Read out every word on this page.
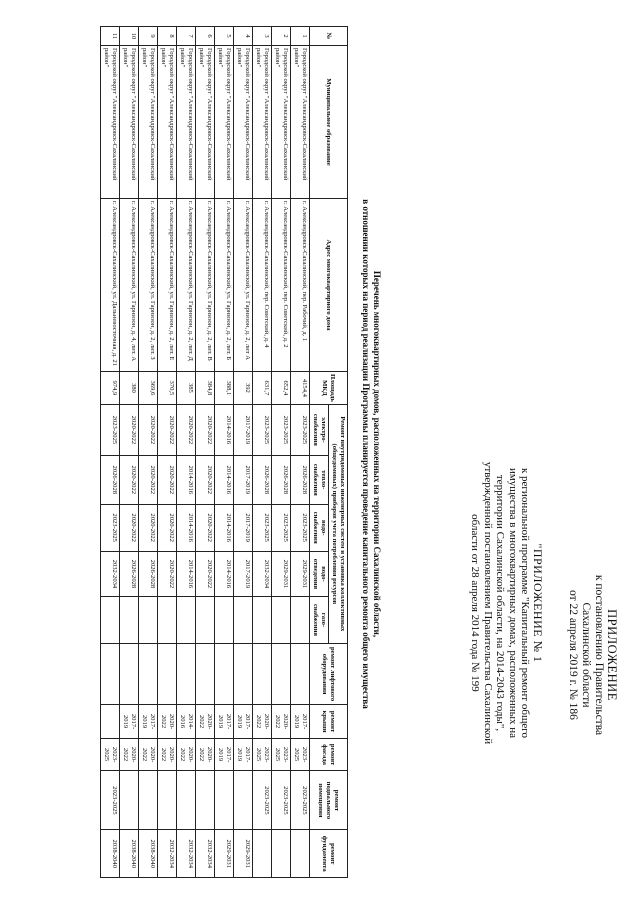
ПРИЛОЖЕНИЕ
к постановлению Правительства
Сахалинской области
от 22 апреля 2019 г. № 186
"ПРИЛОЖЕНИЕ № 1
к региональной программе "Капитальный ремонт общего
имущества в многоквартирных домах, расположенных на
территории Сахалинской области, на 2014-2043 годы",
утвержденной постановлением Правительства Сахалинской
области от 28 апреля 2014 года № 199
Перечень многоквартирных домов, расположенных на территории Сахалинской области,
в отношении которых на период реализации Программы планируется проведение капитального ремонта общего имущества
№	Муниципальное образование	Адрес многоквартирного дома	Площадь МКД	Ремонт внутридомовых инженерных систем и установка коллективных (общедомовых) приборов учета потребления ресурсов					ремонт лифтового оборудования	ремонт крыши	ремонт фасада	ремонт подвального помещения	ремонт фундамента
				электро-снабжения	тепло-снабжения	водо-снабжения	водо-отведения	газо-снабжения					
1	Городской округ "Александровск-Сахалинский район"	г. Александровск-Сахалинский, пер. Рабочий, д. 1	4154,4	2023-2025	2026-2028	2023-2025	2029-2031			2017-2019	2023-2025	2023-2025	
2	Городской округ "Александровск-Сахалинский район"	г. Александровск-Сахалинский, пер. Советский, д. 2	652,4	2023-2025	2026-2028	2023-2025	2029-2031			2020-2022	2023-2025	2023-2025	
3	Городской округ "Александровск-Сахалинский район"	г. Александровск-Сахалинский, пер. Советский, д. 4	631,7	2023-2025	2026-2028	2023-2025	2032-2034			2020-2022	2023-2025	2023-2025	
4	Городской округ "Александровск-Сахалинский район"	г. Александровск-Сахалинский, ул. Гарнизон, д. 2, лит А	392	2017-2019	2017-2019	2017-2019	2017-2019			2017-2019	2017-2019		2029-2031
5	Городской округ "Александровск-Сахалинский район"	г. Александровск-Сахалинский, ул. Гарнизон, д. 2, лит. Б	388,1	2014-2016	2014-2016	2014-2016	2014-2016			2017-2019	2017-2019		2029-2031
6	Городской округ "Александровск-Сахалинский район"	г. Александровск-Сахалинский, ул. Гарнизон, д. 2, лит. В	384,8	2020-2022	2020-2022	2020-2022	2020-2022			2020-2022	2020-2022		2032-2034
7	Городской округ "Александровск-Сахалинский район"	г. Александровск-Сахалинский, ул. Гарнизон, д. 2, лит. Д	385	2020-2022	2014-2016	2014-2016	2014-2016			2014-2016	2020-2022		2032-2034
8	Городской округ "Александровск-Сахалинский район"	г. Александровск-Сахалинский, ул. Гарнизон, д. 2, лит. Е	370,5	2020-2022	2020-2022	2020-2022	2020-2022			2020-2022	2020-2022		2032-2034
9	Городской округ "Александровск-Сахалинский район"	г. Александровск-Сахалинский, ул. Гарнизон, д. 2, лит. З	369,6	2020-2022	2020-2022	2020-2022	2026-2028			2017-2019	2020-2022		2038-2040
10	Городской округ "Александровск-Сахалинский район"	г. Александровск-Сахалинский, ул. Гарнизон, д. 4, лит. А	380	2020-2022	2020-2022	2020-2022	2026-2028			2017-2019	2020-2022		2038-2040
11	Городской округ "Александровск-Сахалинский район"	г. Александровск-Сахалинский, ул. Дальневосточная, д. 21	974,9	2023-2025	2026-2028	2023-2025	2032-2034				2023-2025	2023-2025	2038-2040
